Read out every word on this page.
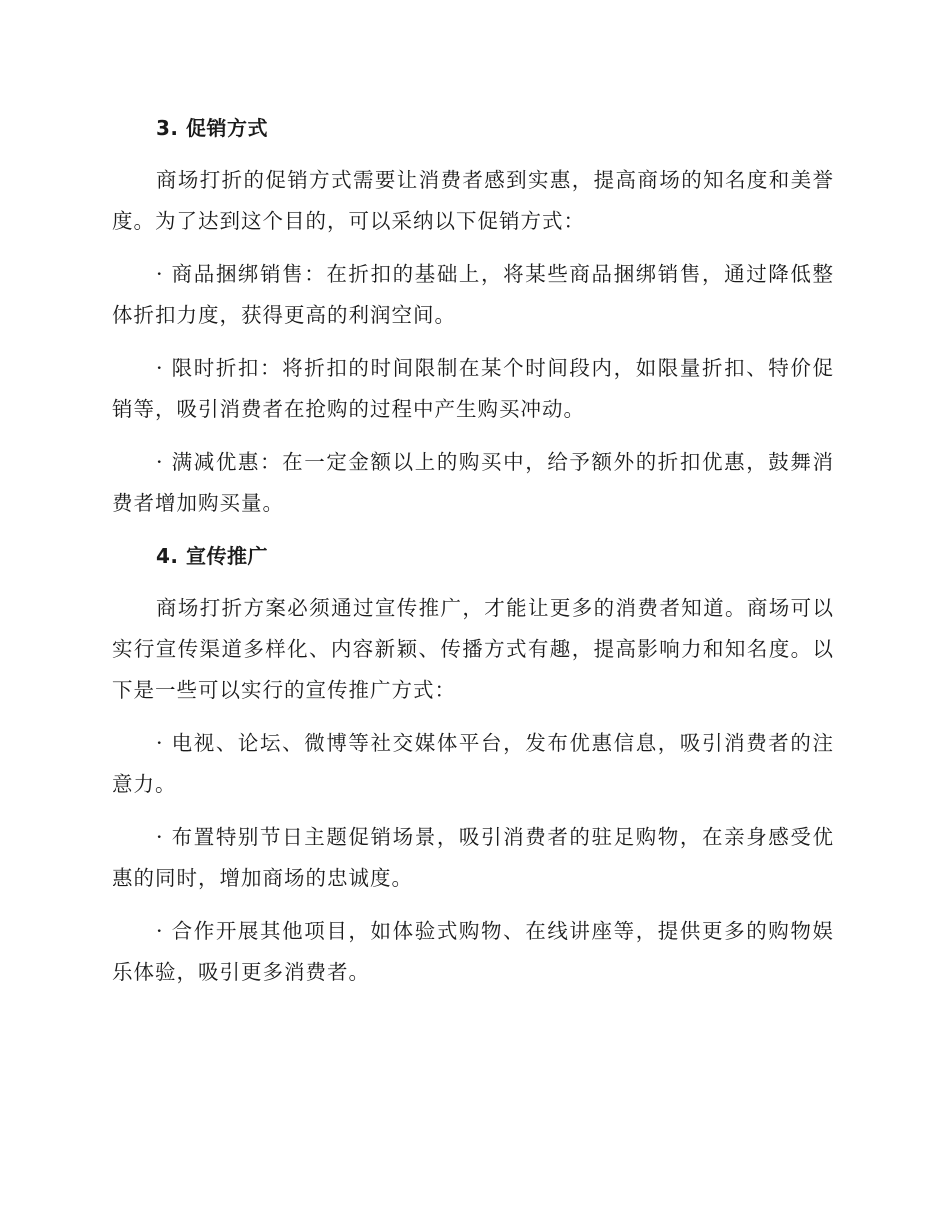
3. 促销方式

商场打折的促销方式需要让消费者感到实惠，提高商场的知名度和美誉度。为了达到这个目的，可以采纳以下促销方式：

· 商品捆绑销售：在折扣的基础上，将某些商品捆绑销售，通过降低整体折扣力度，获得更高的利润空间。

· 限时折扣：将折扣的时间限制在某个时间段内，如限量折扣、特价促销等，吸引消费者在抢购的过程中产生购买冲动。

· 满减优惠：在一定金额以上的购买中，给予额外的折扣优惠，鼓舞消费者增加购买量。

4. 宣传推广

商场打折方案必须通过宣传推广，才能让更多的消费者知道。商场可以实行宣传渠道多样化、内容新颖、传播方式有趣，提高影响力和知名度。以下是一些可以实行的宣传推广方式：

· 电视、论坛、微博等社交媒体平台，发布优惠信息，吸引消费者的注意力。

· 布置特别节日主题促销场景，吸引消费者的驻足购物，在亲身感受优惠的同时，增加商场的忠诚度。

· 合作开展其他项目，如体验式购物、在线讲座等，提供更多的购物娱乐体验，吸引更多消费者。
